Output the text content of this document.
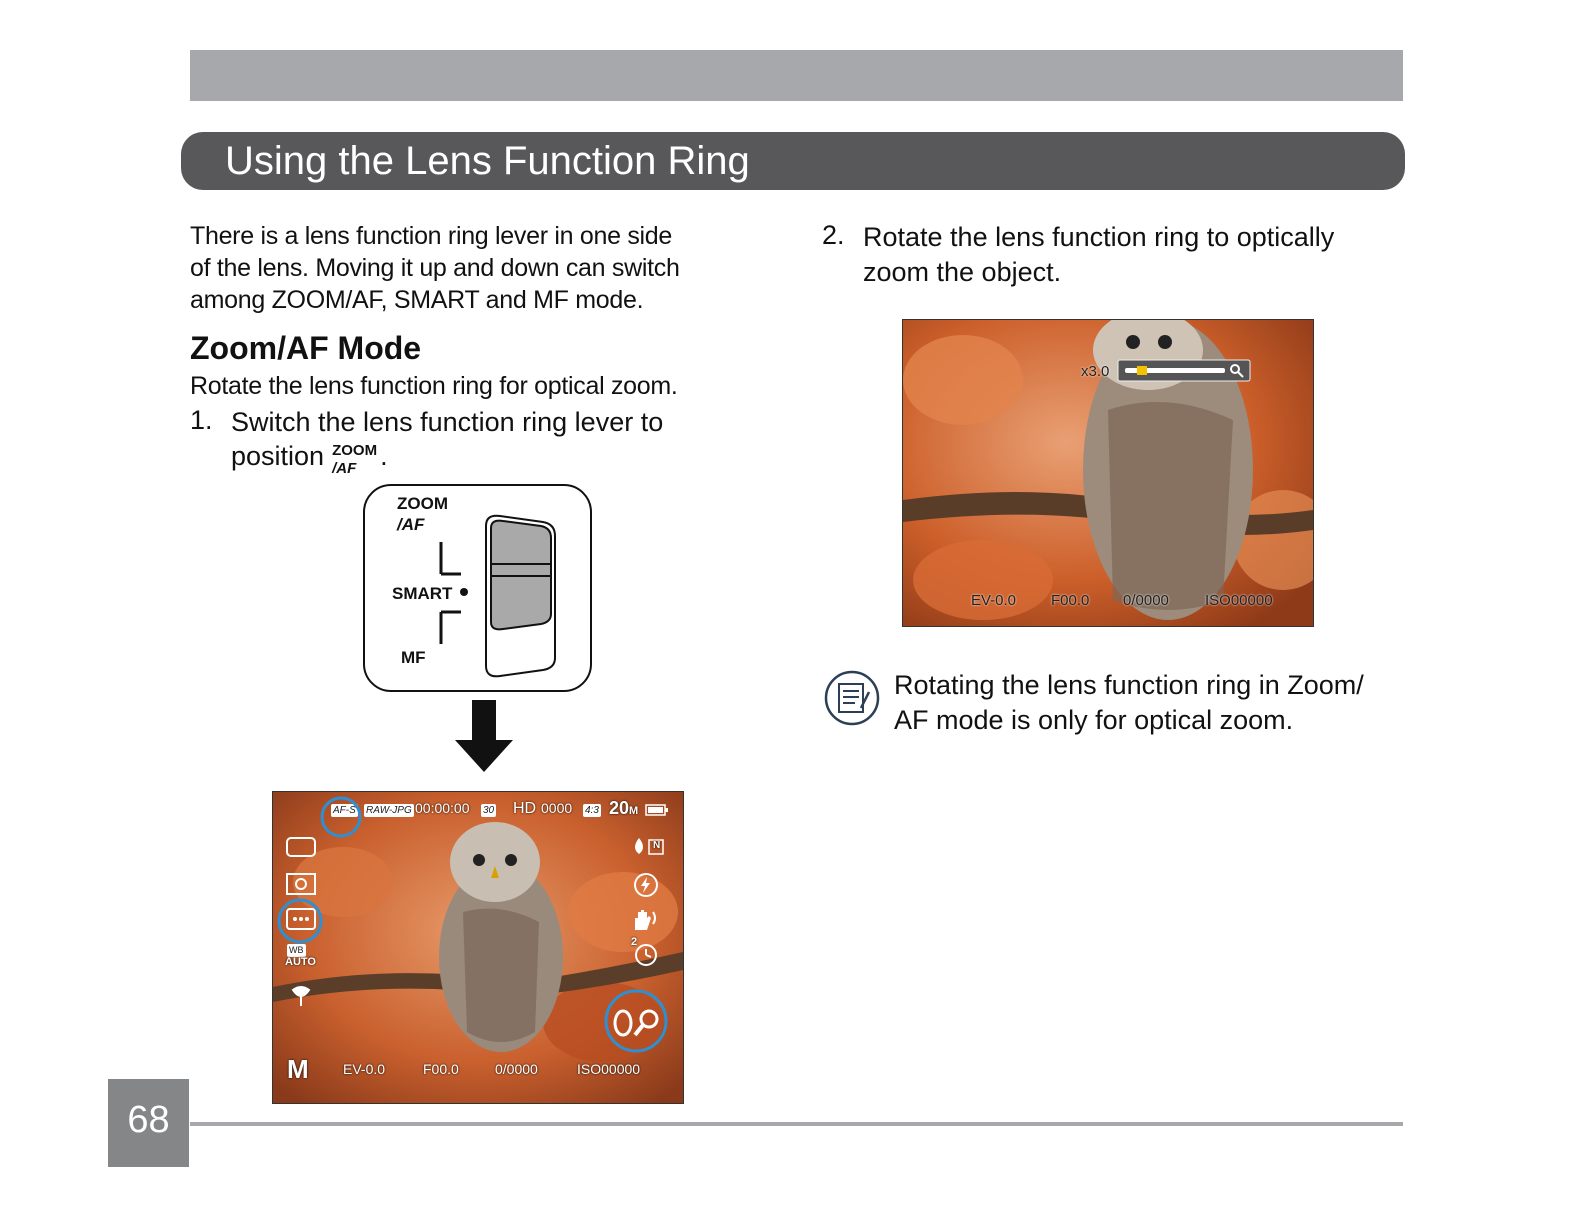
Using the Lens Function Ring
There is a lens function ring lever in one side
of the lens. Moving it up and down can switch
among ZOOM/AF, SMART and MF mode.
Zoom/AF Mode
Rotate the lens function ring for optical zoom.
1. Switch the lens function ring lever to
position ZOOM
/AF .
ZOOM
/AF
SMART
MF
AF-S RAW-JPG 00:00:00 30 HD 0000 4:3 20M
WB
AUTO
M
N
2
EV-0.0	F00.0	0/0000	ISO00000
2. Rotate the lens function ring to optically
zoom the object.
x3.0
EV-0.0 F00.0 0/0000 ISO00000
Rotating the lens function ring in Zoom/
AF mode is only for optical zoom.
68
